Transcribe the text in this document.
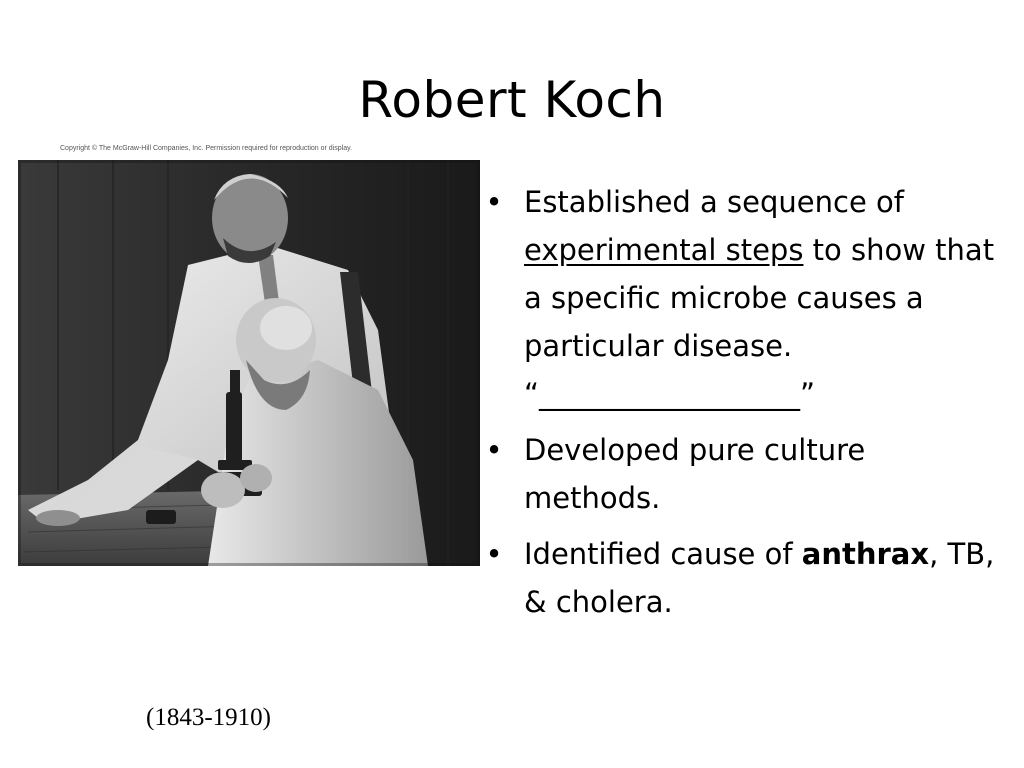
Robert Koch
Copyright © The McGraw-Hill Companies, Inc. Permission required for reproduction or display.
(1843-1910)
• Established a sequence of experimental steps to show that a specific microbe causes a particular disease.
“__________________”
• Developed pure culture methods.
• Identified cause of anthrax, TB, & cholera.
